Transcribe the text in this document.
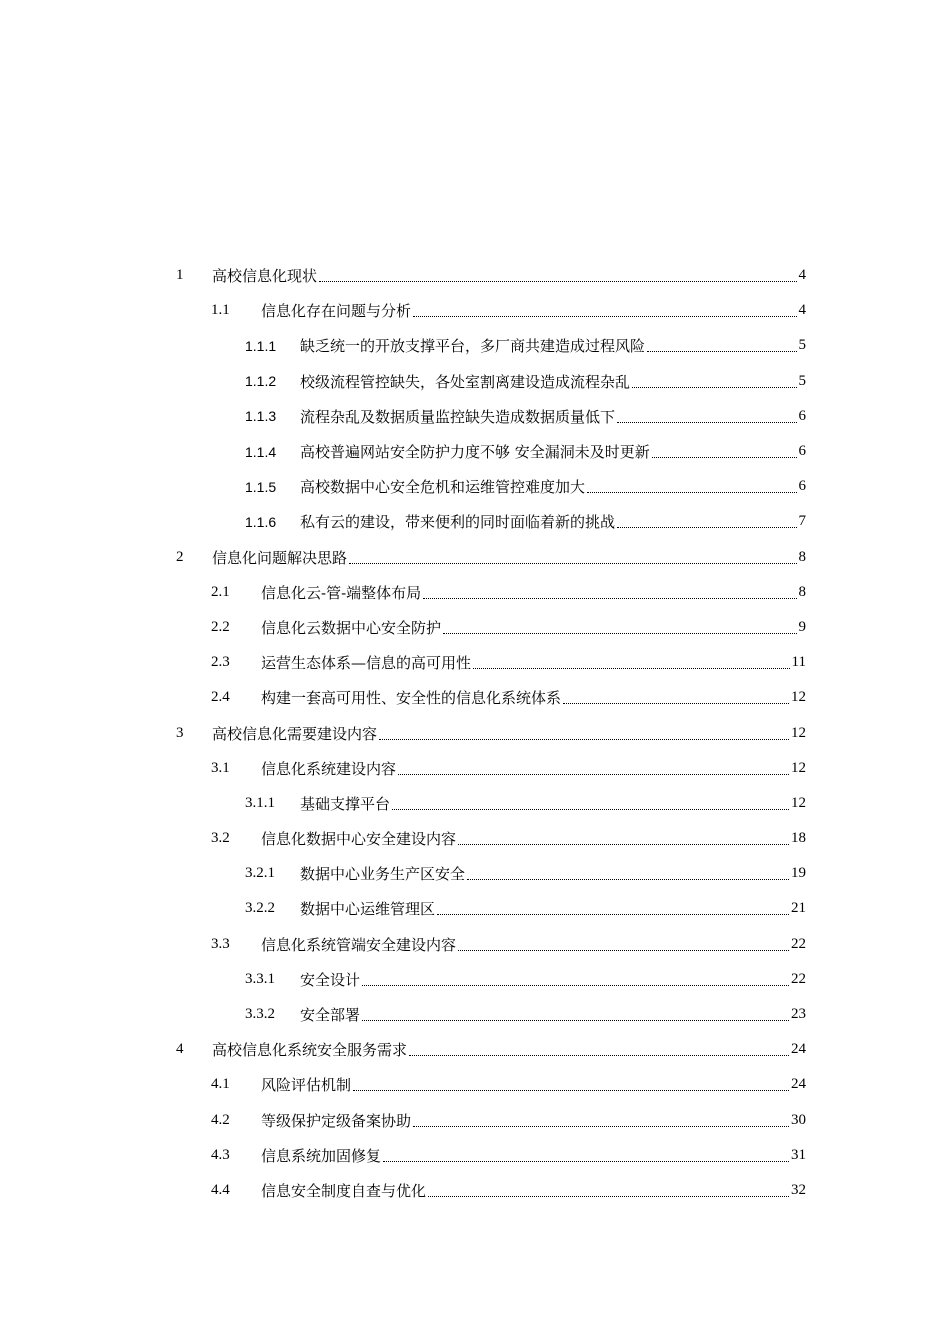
1	高校信息化现状	4
1.1	信息化存在问题与分析	4
1.1.1	缺乏统一的开放支撑平台，多厂商共建造成过程风险	5
1.1.2	校级流程管控缺失，各处室割离建设造成流程杂乱	5
1.1.3	流程杂乱及数据质量监控缺失造成数据质量低下	6
1.1.4	高校普遍网站安全防护力度不够 安全漏洞未及时更新	6
1.1.5	高校数据中心安全危机和运维管控难度加大	6
1.1.6	私有云的建设，带来便利的同时面临着新的挑战	7
2	信息化问题解决思路	8
2.1	信息化云-管-端整体布局	8
2.2	信息化云数据中心安全防护	9
2.3	运营生态体系—信息的高可用性	11
2.4	构建一套高可用性、安全性的信息化系统体系	12
3	高校信息化需要建设内容	12
3.1	信息化系统建设内容	12
3.1.1	基础支撑平台	12
3.2	信息化数据中心安全建设内容	18
3.2.1	数据中心业务生产区安全	19
3.2.2	数据中心运维管理区	21
3.3	信息化系统管端安全建设内容	22
3.3.1	安全设计	22
3.3.2	安全部署	23
4	高校信息化系统安全服务需求	24
4.1	风险评估机制	24
4.2	等级保护定级备案协助	30
4.3	信息系统加固修复	31
4.4	信息安全制度自查与优化	32
